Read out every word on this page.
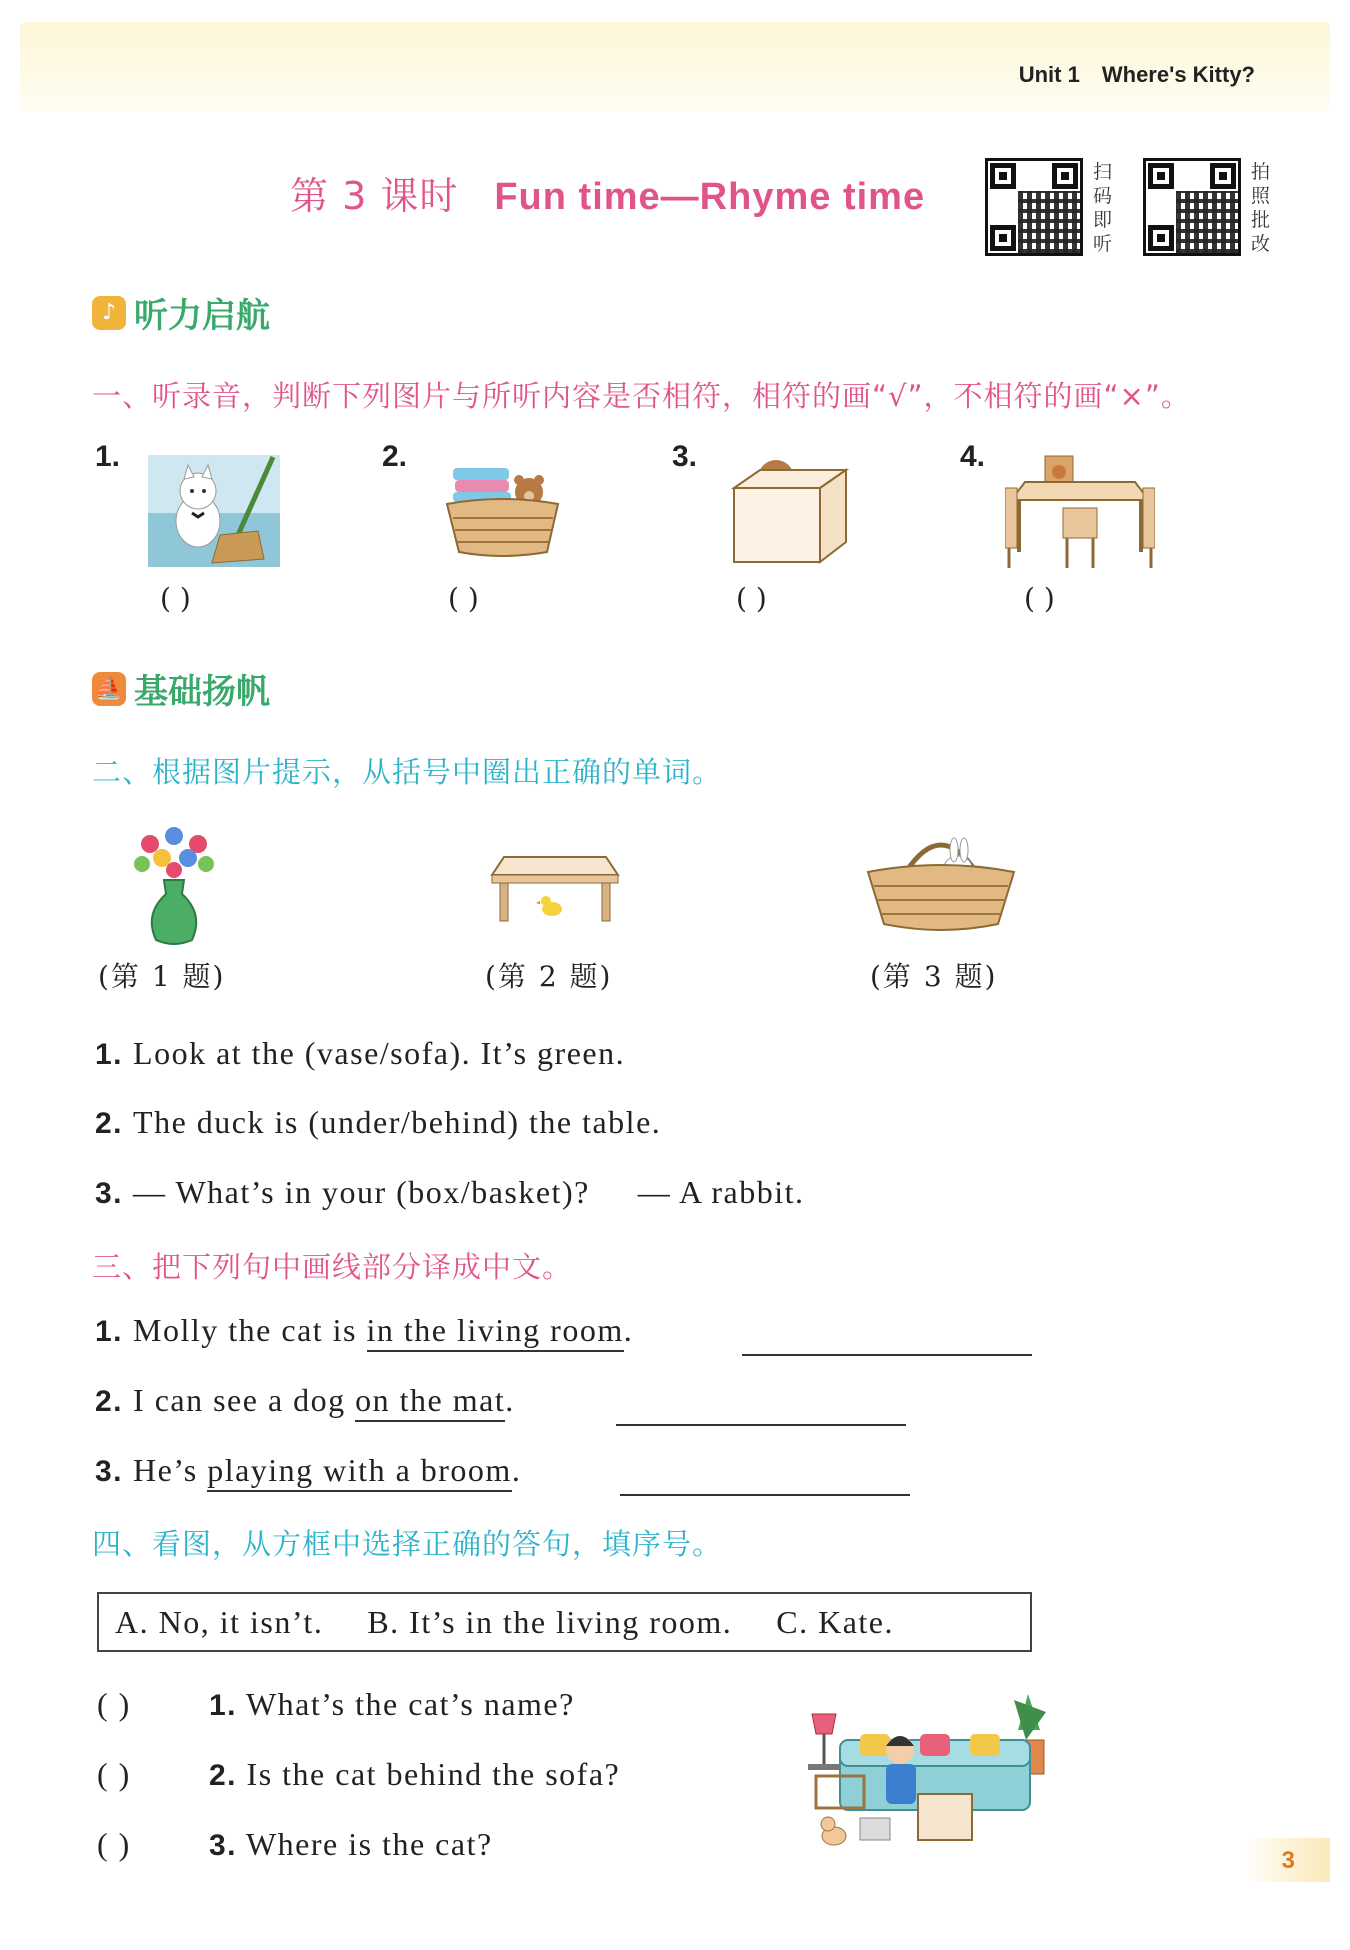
Unit 1 Where's Kitty?
第 3 课时 Fun time—Rhyme time
扫码即听
拍照批改
♪ 听力启航
一、听录音，判断下列图片与所听内容是否相符，相符的画“√”，不相符的画“×”。
1.	2.	3.	4.
( )	( )	( )	( )
⛵ 基础扬帆
二、根据图片提示，从括号中圈出正确的单词。
(第 1 题)	(第 2 题)	(第 3 题)
1. Look at the (vase/sofa). It’s green.
2. The duck is (under/behind) the table.
3. — What’s in your (box/basket)? — A rabbit.
三、把下列句中画线部分译成中文。
1. Molly the cat is in the living room.
2. I can see a dog on the mat.
3. He’s playing with a broom.
四、看图，从方框中选择正确的答句，填序号。
A. No, it isn’t. B. It’s in the living room. C. Kate.
( )	1. What’s the cat’s name?
( )	2. Is the cat behind the sofa?
( )	3. Where is the cat?	3
